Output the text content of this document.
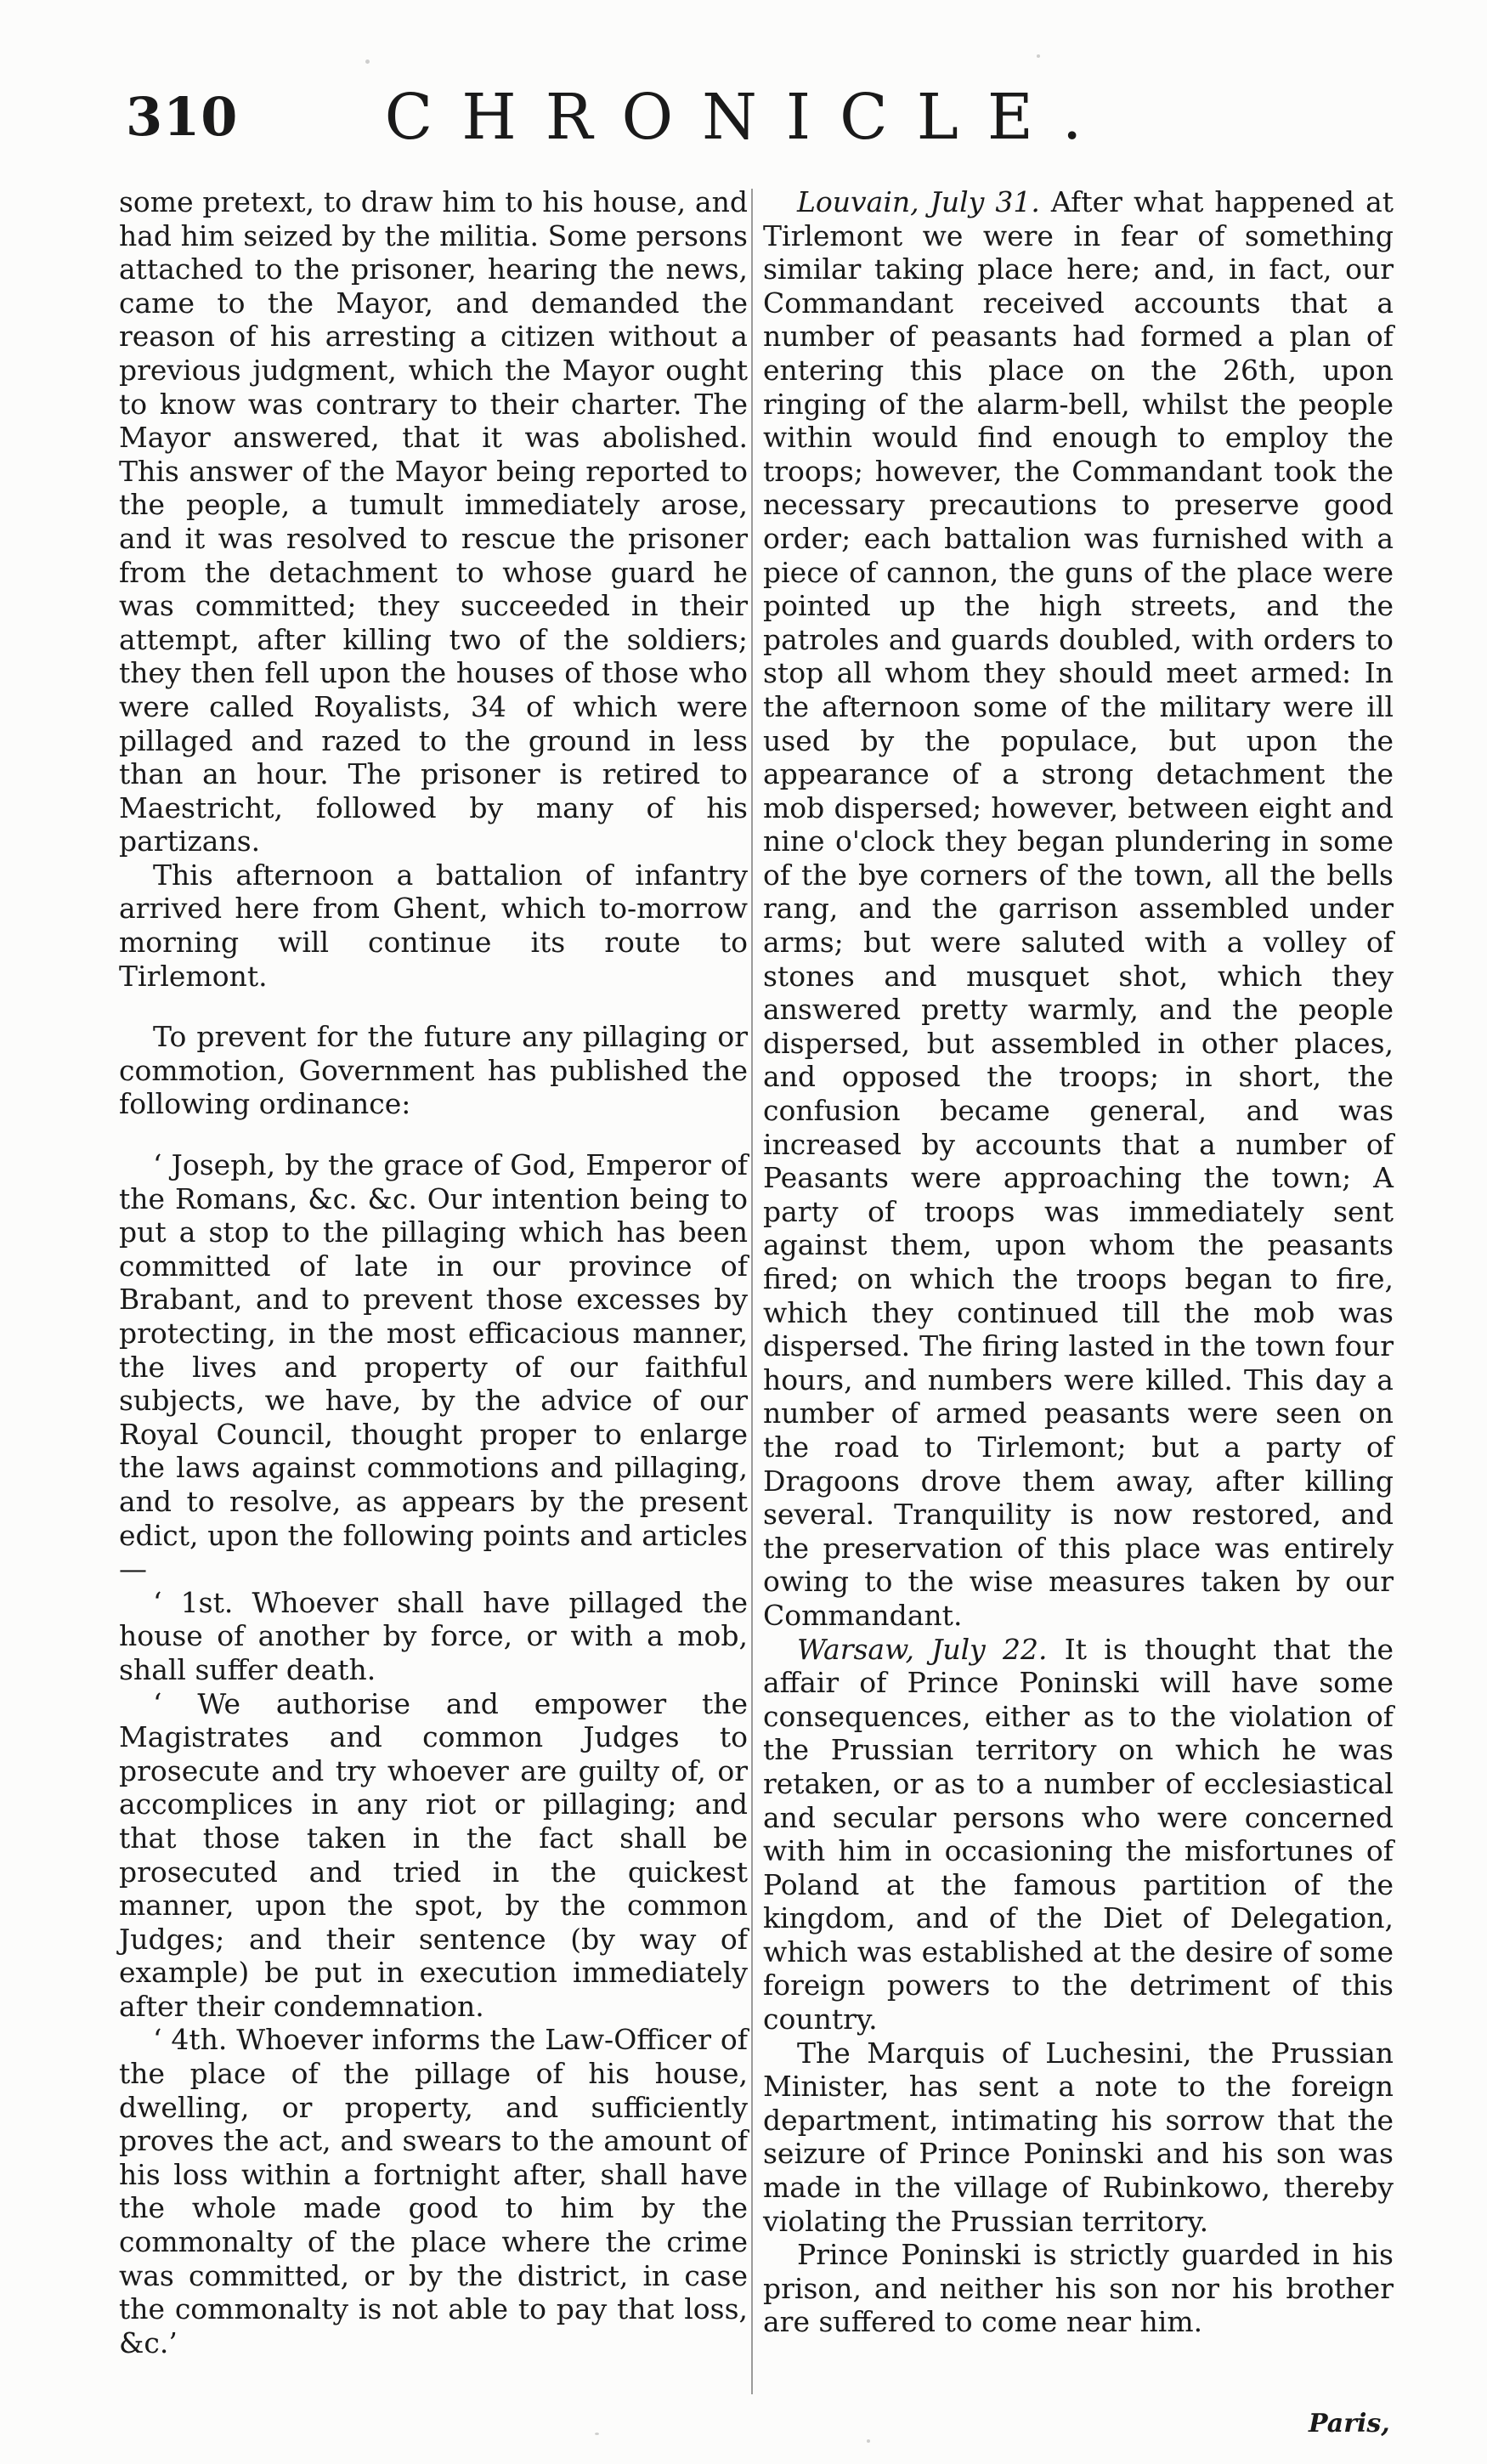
310	CHRONICLE.

some pretext, to draw him to his house, and had him seized by the militia. Some persons attached to the prisoner, hearing the news, came to the Mayor, and demanded the reason of his arresting a citizen without a previous judgment, which the Mayor ought to know was contrary to their charter. The Mayor answered, that it was abolished. This answer of the Mayor being reported to the people, a tumult immediately arose, and it was resolved to rescue the prisoner from the detachment to whose guard he was committed; they succeeded in their attempt, after killing two of the soldiers; they then fell upon the houses of those who were called Royalists, 34 of which were pillaged and razed to the ground in less than an hour. The prisoner is retired to Maestricht, followed by many of his partizans.

This afternoon a battalion of infantry arrived here from Ghent, which to-morrow morning will continue its route to Tirlemont.

To prevent for the future any pillaging or commotion, Government has published the following ordinance:

‘ Joseph, by the grace of God, Emperor of the Romans, &c. &c. Our intention being to put a stop to the pillaging which has been committed of late in our province of Brabant, and to prevent those excesses by protecting, in the most efficacious manner, the lives and property of our faithful subjects, we have, by the advice of our Royal Council, thought proper to enlarge the laws against commotions and pillaging, and to resolve, as appears by the present edict, upon the following points and articles—

‘ 1st. Whoever shall have pillaged the house of another by force, or with a mob, shall suffer death.

‘ We authorise and empower the Magistrates and common Judges to prosecute and try whoever are guilty of, or accomplices in any riot or pillaging; and that those taken in the fact shall be prosecuted and tried in the quickest manner, upon the spot, by the common Judges; and their sentence (by way of example) be put in execution immediately after their condemnation.

‘ 4th. Whoever informs the Law-Officer of the place of the pillage of his house, dwelling, or property, and sufficiently proves the act, and swears to the amount of his loss within a fortnight after, shall have the whole made good to him by the commonalty of the place where the crime was committed, or by the district, in case the commonalty is not able to pay that loss, &c.’

Louvain, July 31. After what happened at Tirlemont we were in fear of something similar taking place here; and, in fact, our Commandant received accounts that a number of peasants had formed a plan of entering this place on the 26th, upon ringing of the alarm-bell, whilst the people within would find enough to employ the troops; however, the Commandant took the necessary precautions to preserve good order; each battalion was furnished with a piece of cannon, the guns of the place were pointed up the high streets, and the patroles and guards doubled, with orders to stop all whom they should meet armed: In the afternoon some of the military were ill used by the populace, but upon the appearance of a strong detachment the mob dispersed; however, between eight and nine o'clock they began plundering in some of the bye corners of the town, all the bells rang, and the garrison assembled under arms; but were saluted with a volley of stones and musquet shot, which they answered pretty warmly, and the people dispersed, but assembled in other places, and opposed the troops; in short, the confusion became general, and was increased by accounts that a number of Peasants were approaching the town; A party of troops was immediately sent against them, upon whom the peasants fired; on which the troops began to fire, which they continued till the mob was dispersed. The firing lasted in the town four hours, and numbers were killed. This day a number of armed peasants were seen on the road to Tirlemont; but a party of Dragoons drove them away, after killing several. Tranquility is now restored, and the preservation of this place was entirely owing to the wise measures taken by our Commandant.

Warsaw, July 22. It is thought that the affair of Prince Poninski will have some consequences, either as to the violation of the Prussian territory on which he was retaken, or as to a number of ecclesiastical and secular persons who were concerned with him in occasioning the misfortunes of Poland at the famous partition of the kingdom, and of the Diet of Delegation, which was established at the desire of some foreign powers to the detriment of this country.

The Marquis of Luchesini, the Prussian Minister, has sent a note to the foreign department, intimating his sorrow that the seizure of Prince Poninski and his son was made in the village of Rubinkowo, thereby violating the Prussian territory.

Prince Poninski is strictly guarded in his prison, and neither his son nor his brother are suffered to come near him.

Paris,
